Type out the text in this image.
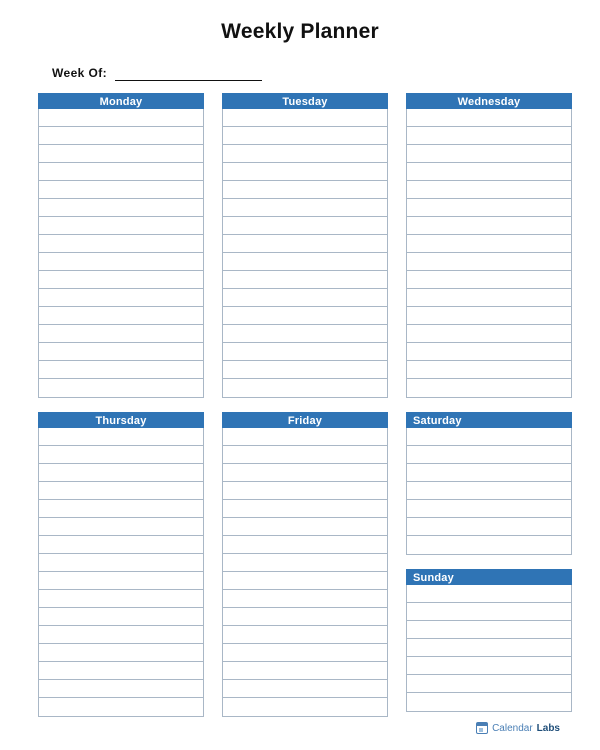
Weekly Planner
Week Of:
Monday
Thursday
Tuesday
Friday
Wednesday
Saturday
Sunday
Calendar Labs
